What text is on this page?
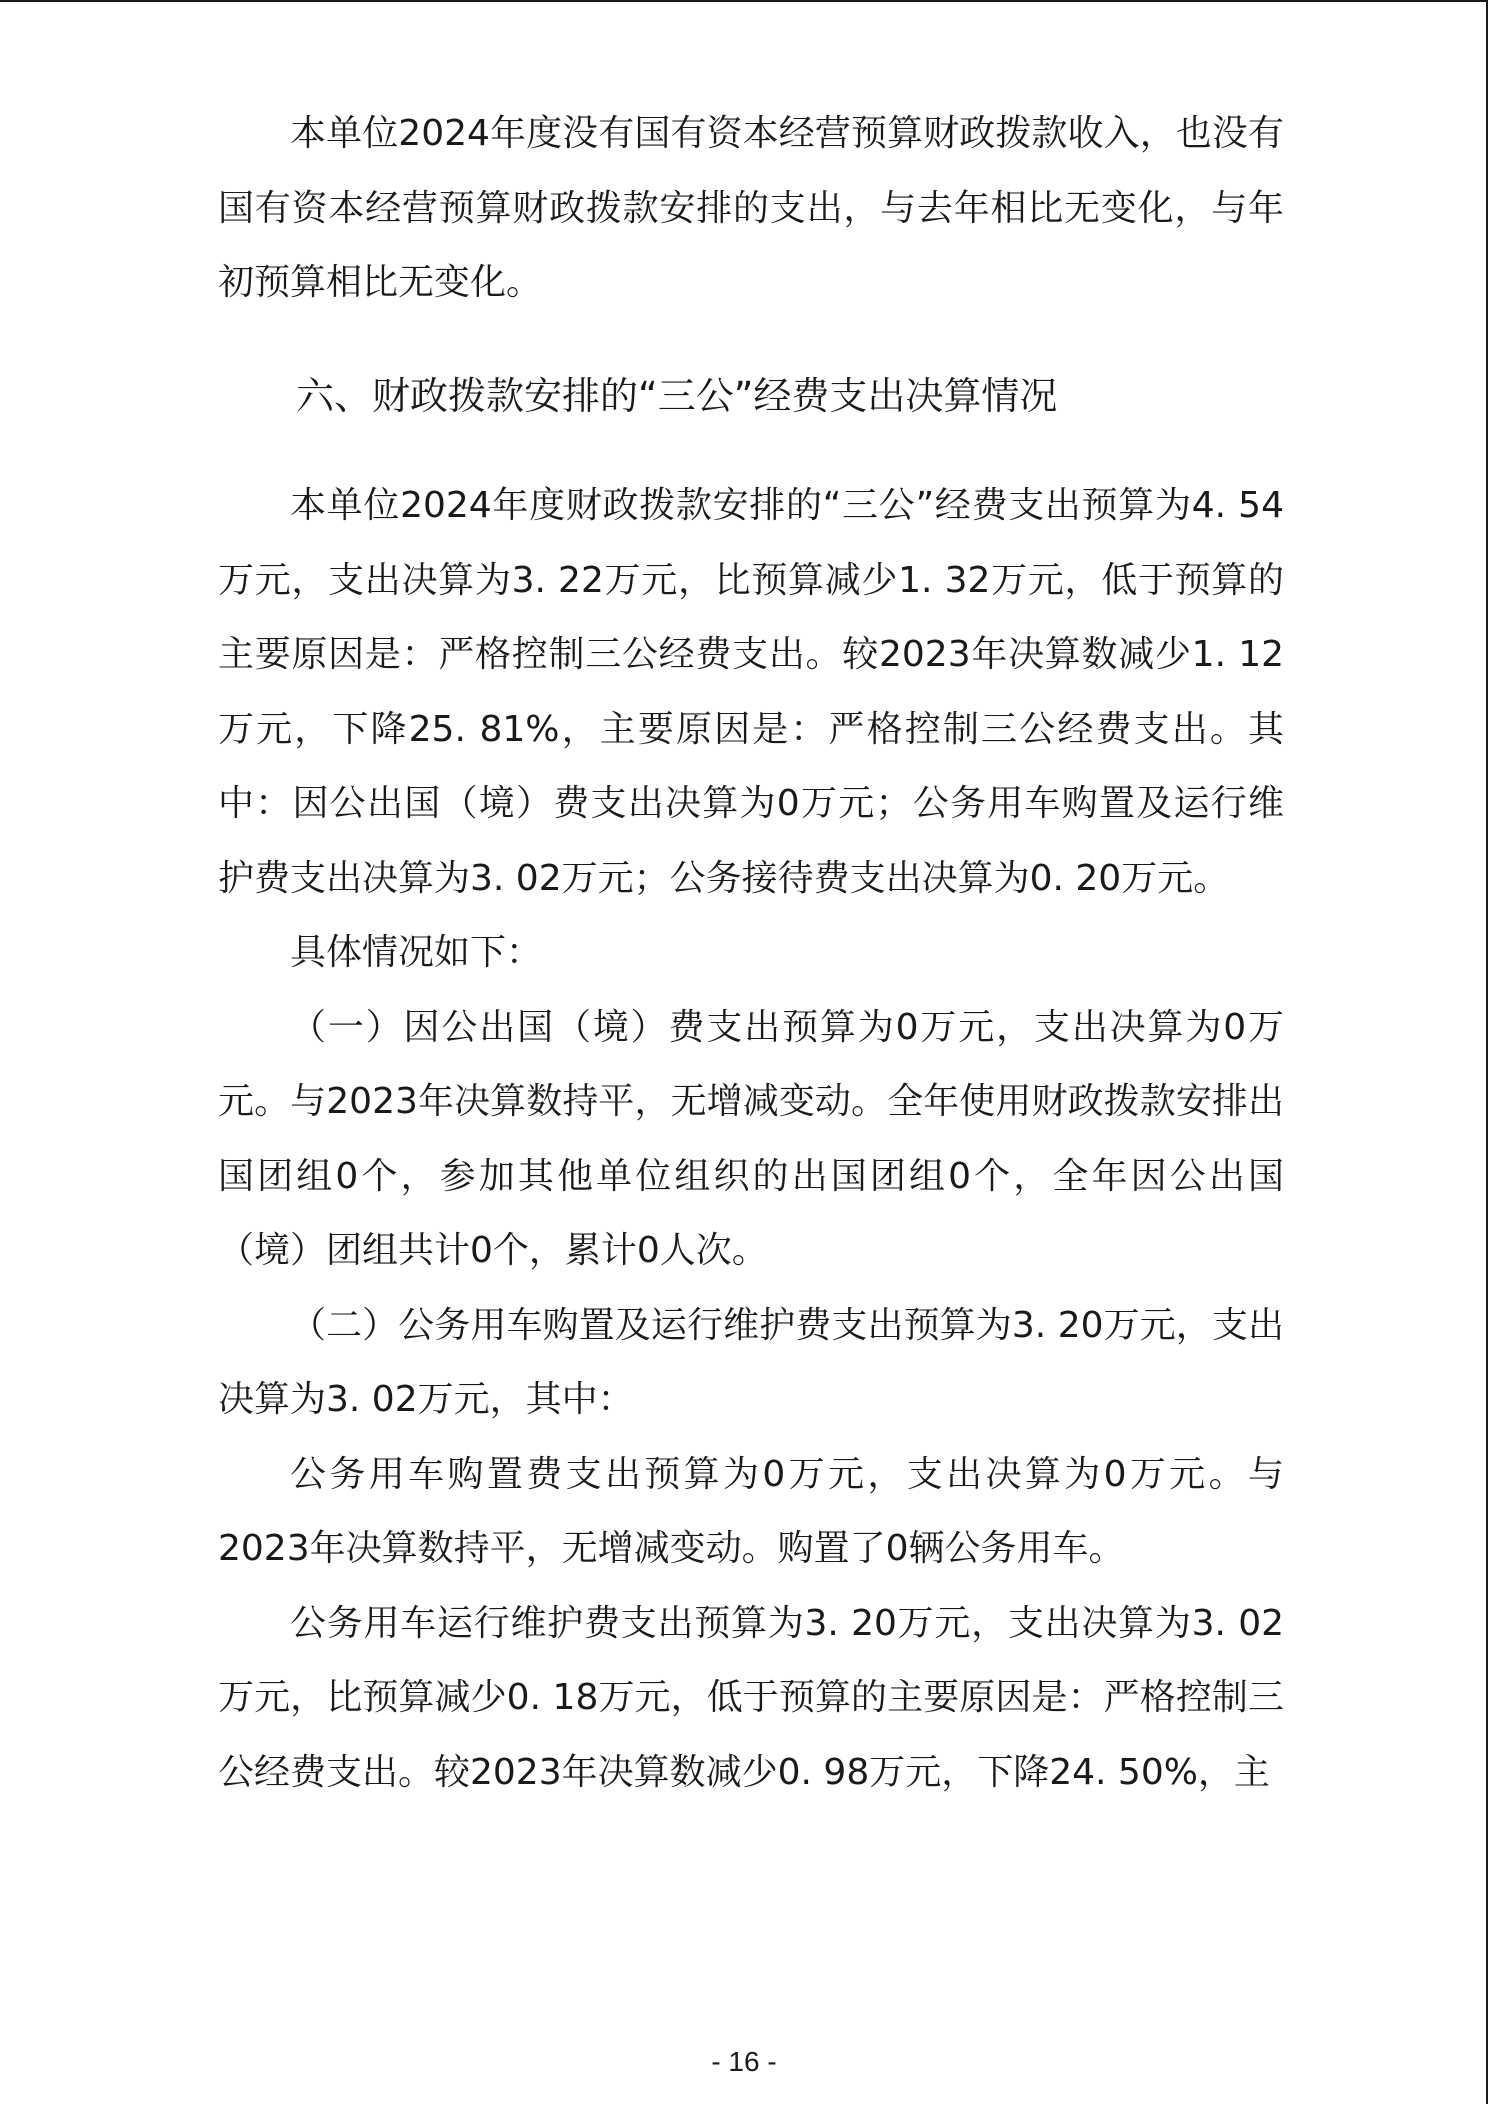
本单位2024年度没有国有资本经营预算财政拨款收入，也没有国有资本经营预算财政拨款安排的支出，与去年相比无变化，与年初预算相比无变化。

六、财政拨款安排的“三公”经费支出决算情况

本单位2024年度财政拨款安排的“三公”经费支出预算为4. 54万元，支出决算为3. 22万元，比预算减少1. 32万元，低于预算的主要原因是：严格控制三公经费支出。较2023年决算数减少1. 12万元，下降25. 81%，主要原因是：严格控制三公经费支出。其中：因公出国（境）费支出决算为0万元；公务用车购置及运行维护费支出决算为3. 02万元；公务接待费支出决算为0. 20万元。

具体情况如下：

（一）因公出国（境）费支出预算为0万元，支出决算为0万元。与2023年决算数持平，无增减变动。全年使用财政拨款安排出国团组0个，参加其他单位组织的出国团组0个，全年因公出国（境）团组共计0个，累计0人次。

（二）公务用车购置及运行维护费支出预算为3. 20万元，支出决算为3. 02万元，其中：

公务用车购置费支出预算为0万元，支出决算为0万元。与2023年决算数持平，无增减变动。购置了0辆公务用车。

公务用车运行维护费支出预算为3. 20万元，支出决算为3. 02万元，比预算减少0. 18万元，低于预算的主要原因是：严格控制三公经费支出。较2023年决算数减少0. 98万元，下降24. 50%，主

- 16 -
